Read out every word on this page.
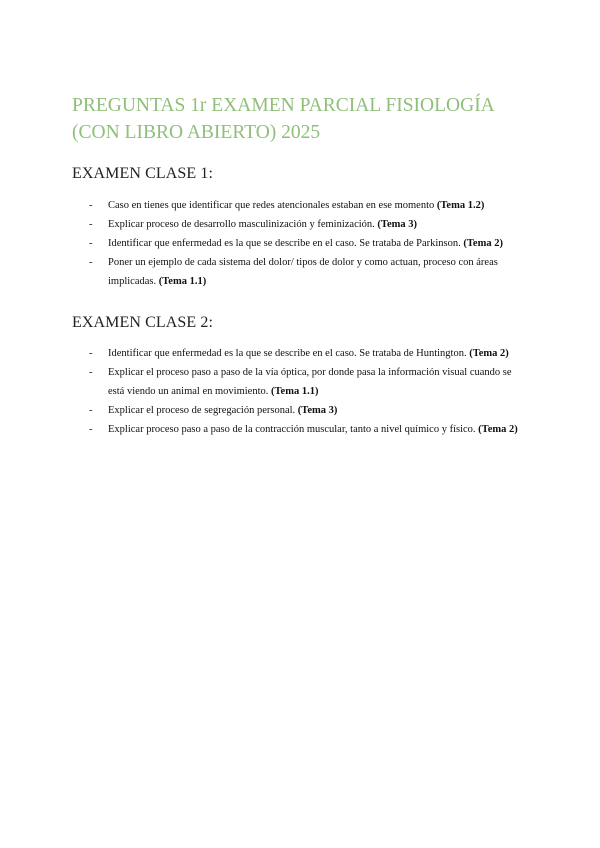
PREGUNTAS 1r EXAMEN PARCIAL FISIOLOGÍA
(CON LIBRO ABIERTO) 2025
EXAMEN CLASE 1:
- Caso en tienes que identificar que redes atencionales estaban en ese momento (Tema 1.2)
- Explicar proceso de desarrollo masculinización y feminización. (Tema 3)
- Identificar que enfermedad es la que se describe en el caso. Se trataba de Parkinson. (Tema 2)
- Poner un ejemplo de cada sistema del dolor/ tipos de dolor y como actuan, proceso con áreas implicadas. (Tema 1.1)
EXAMEN CLASE 2:
- Identificar que enfermedad es la que se describe en el caso. Se trataba de Huntington. (Tema 2)
- Explicar el proceso paso a paso de la vía óptica, por donde pasa la información visual cuando se está viendo un animal en movimiento. (Tema 1.1)
- Explicar el proceso de segregación personal. (Tema 3)
- Explicar proceso paso a paso de la contracción muscular, tanto a nivel químico y físico. (Tema 2)
